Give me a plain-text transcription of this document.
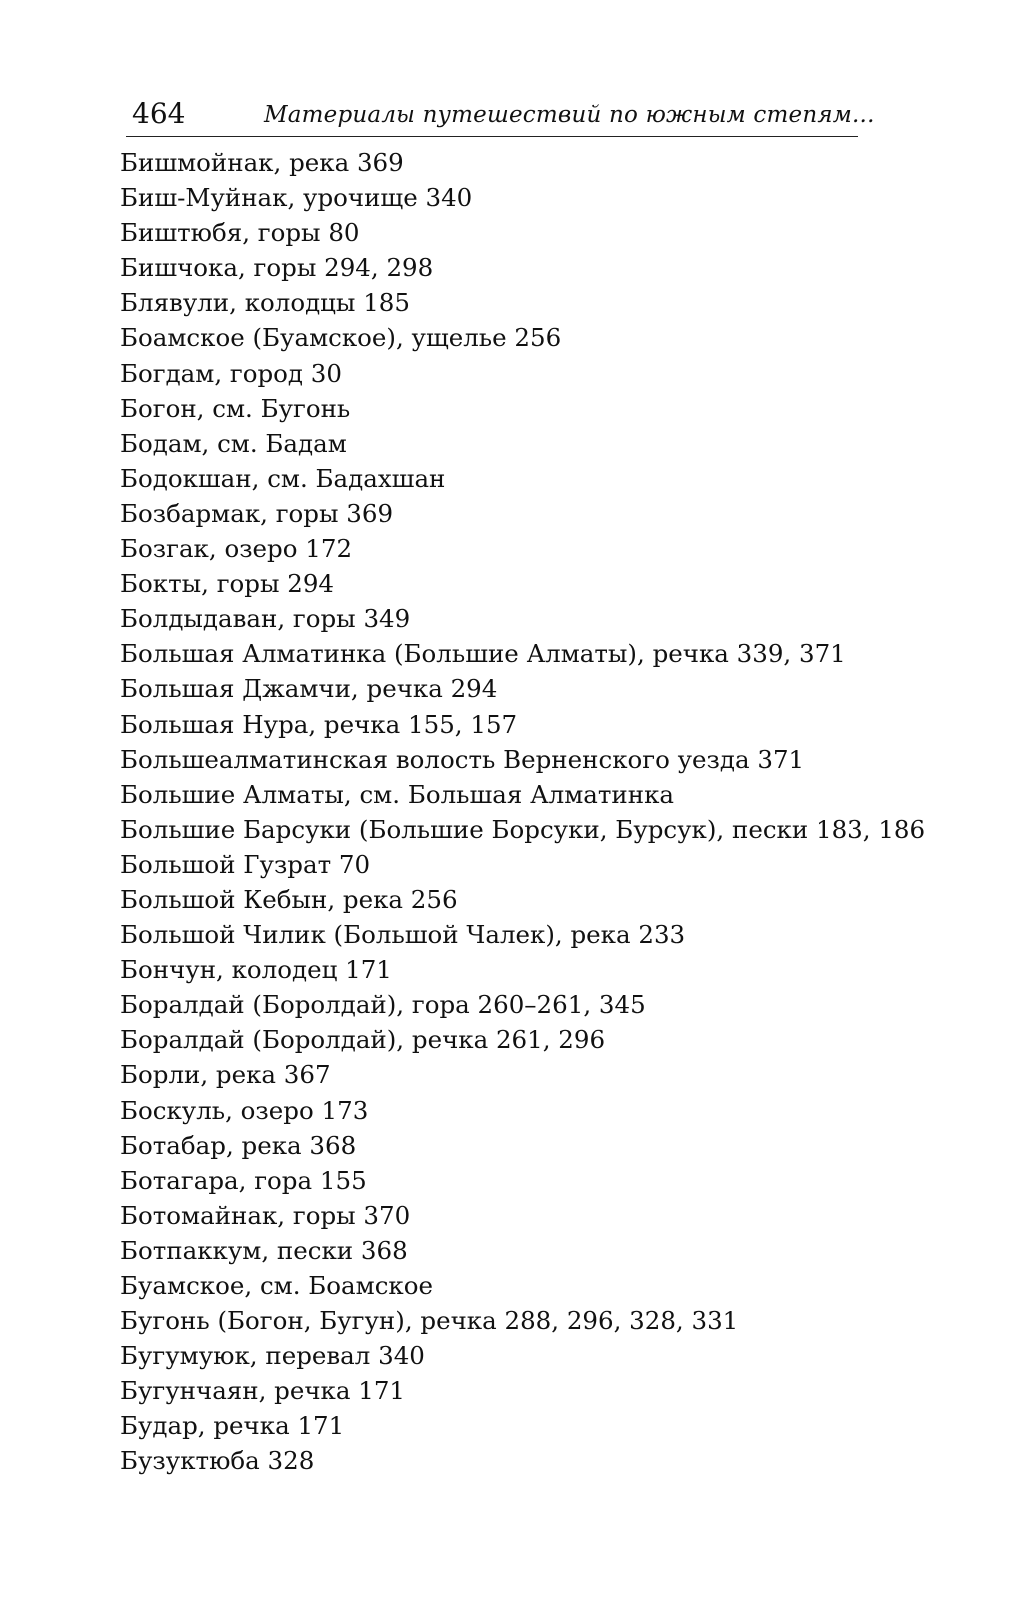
464	Материалы путешествий по южным степям...
Бишмойнак, река 369
Биш-Муйнак, урочище 340
Биштюбя, горы 80
Бишчока, горы 294, 298
Блявули, колодцы 185
Боамское (Буамское), ущелье 256
Богдам, город 30
Богон, см. Бугонь
Бодам, см. Бадам
Бодокшан, см. Бадахшан
Бозбармак, горы 369
Бозгак, озеро 172
Бокты, горы 294
Болдыдаван, горы 349
Большая Алматинка (Большие Алматы), речка 339, 371
Большая Джамчи, речка 294
Большая Нура, речка 155, 157
Большеалматинская волость Верненского уезда 371
Большие Алматы, см. Большая Алматинка
Большие Барсуки (Большие Борсуки, Бурсук), пески 183, 186
Большой Гузрат 70
Большой Кебын, река 256
Большой Чилик (Большой Чалек), река 233
Бончун, колодец 171
Боралдай (Боролдай), гора 260–261, 345
Боралдай (Боролдай), речка 261, 296
Борли, река 367
Боскуль, озеро 173
Ботабар, река 368
Ботагара, гора 155
Ботомайнак, горы 370
Ботпаккум, пески 368
Буамское, см. Боамское
Бугонь (Богон, Бугун), речка 288, 296, 328, 331
Бугумуюк, перевал 340
Бугунчаян, речка 171
Будар, речка 171
Бузуктюба 328
